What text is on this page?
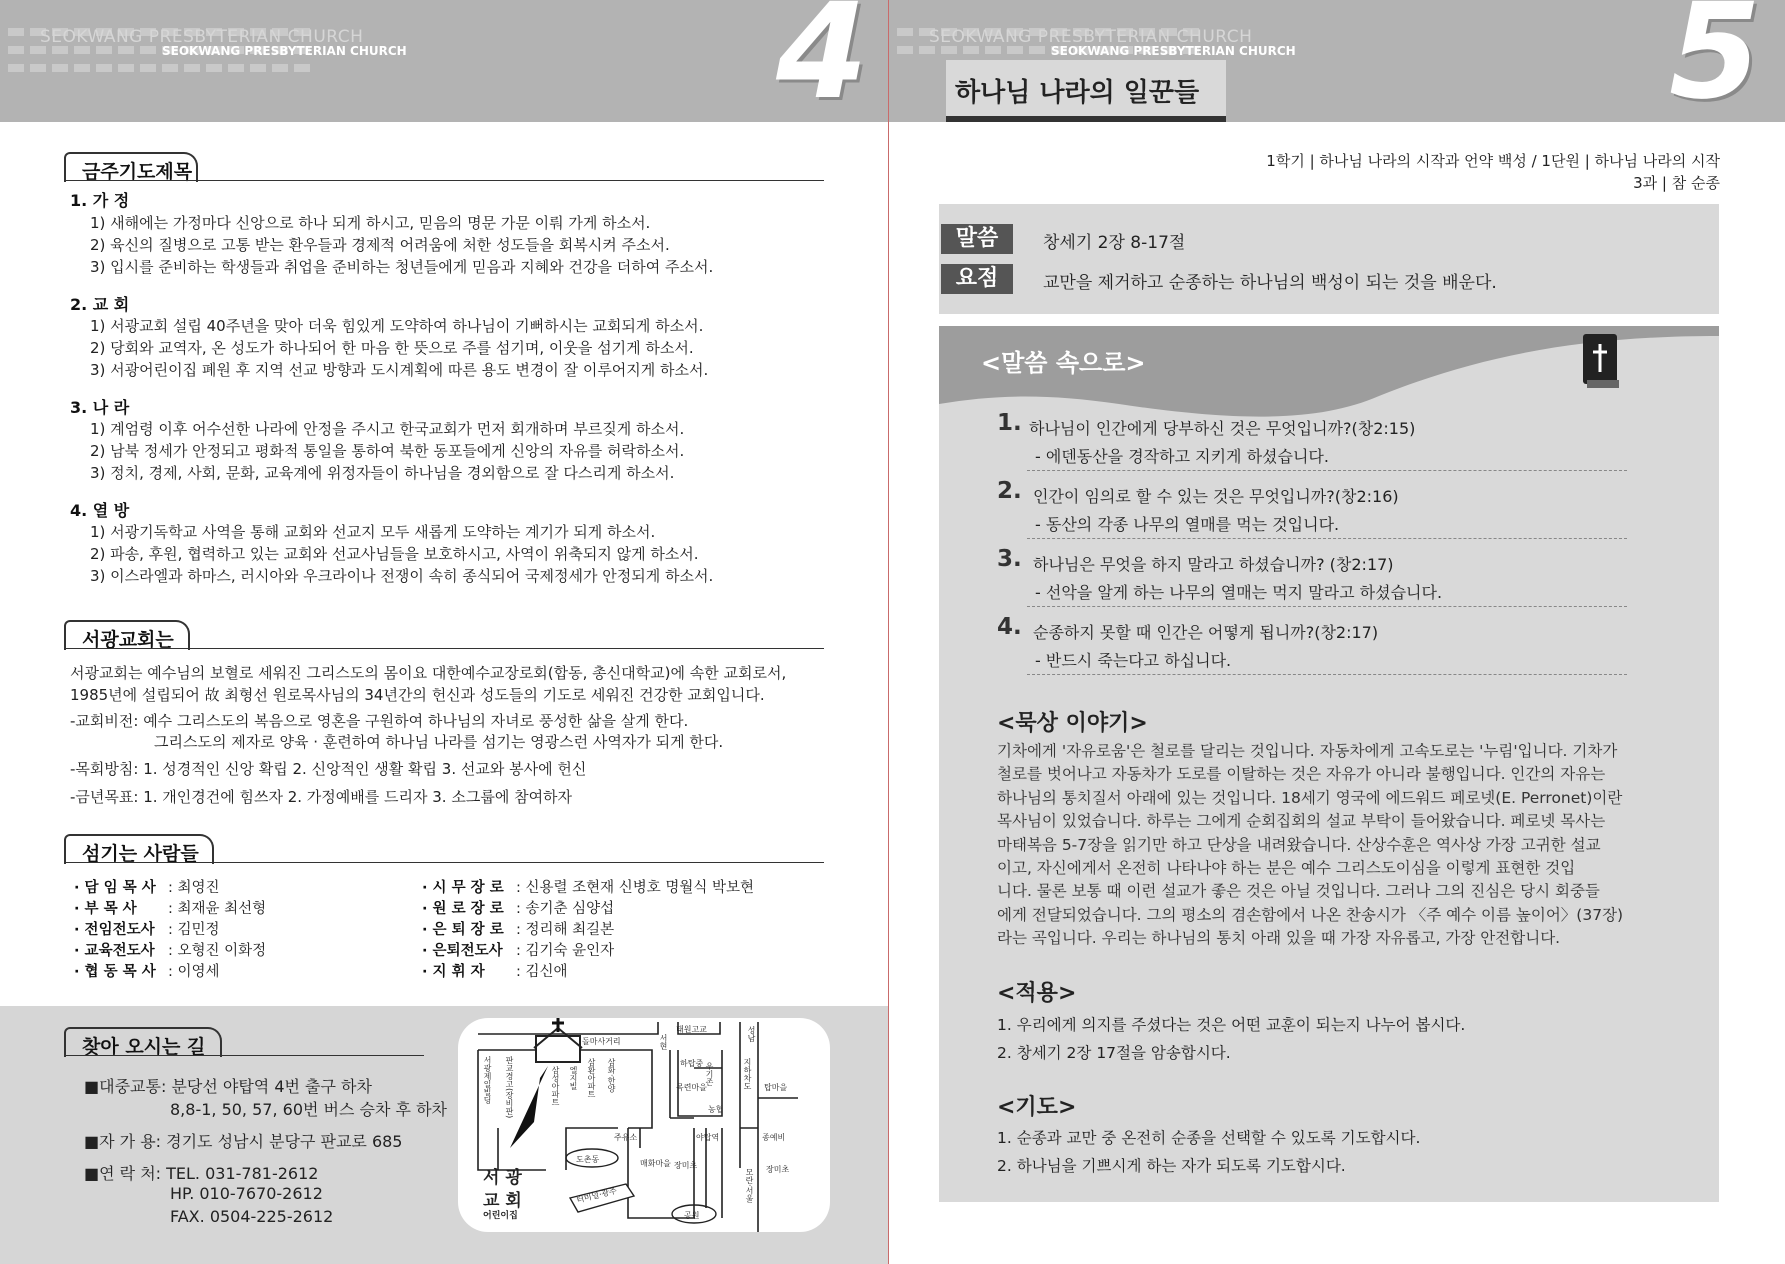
SEOKWANG PRESBYTERIAN CHURCH
SEOKWANG PRESBYTERIAN CHURCH	4
금주기도제목
1. 가 정
1) 새해에는 가정마다 신앙으로 하나 되게 하시고, 믿음의 명문 가문 이뤄 가게 하소서.
2) 육신의 질병으로 고통 받는 환우들과 경제적 어려움에 처한 성도들을 회복시켜 주소서.
3) 입시를 준비하는 학생들과 취업을 준비하는 청년들에게 믿음과 지혜와 건강을 더하여 주소서.
2. 교 회
1) 서광교회 설립 40주년을 맞아 더욱 힘있게 도약하여 하나님이 기뻐하시는 교회되게 하소서.
2) 당회와 교역자, 온 성도가 하나되어 한 마음 한 뜻으로 주를 섬기며, 이웃을 섬기게 하소서.
3) 서광어린이집 폐원 후 지역 선교 방향과 도시계획에 따른 용도 변경이 잘 이루어지게 하소서.
3. 나 라
1) 계엄령 이후 어수선한 나라에 안정을 주시고 한국교회가 먼저 회개하며 부르짖게 하소서.
2) 남북 정세가 안정되고 평화적 통일을 통하여 북한 동포들에게 신앙의 자유를 허락하소서.
3) 정치, 경제, 사회, 문화, 교육계에 위정자들이 하나님을 경외함으로 잘 다스리게 하소서.
4. 열 방
1) 서광기독학교 사역을 통해 교회와 선교지 모두 새롭게 도약하는 계기가 되게 하소서.
2) 파송, 후원, 협력하고 있는 교회와 선교사님들을 보호하시고, 사역이 위축되지 않게 하소서.
3) 이스라엘과 하마스, 러시아와 우크라이나 전쟁이 속히 종식되어 국제정세가 안정되게 하소서.
서광교회는
서광교회는 예수님의 보혈로 세워진 그리스도의 몸이요 대한예수교장로회(합동, 총신대학교)에 속한 교회로서,
1985년에 설립되어 故 최형선 원로목사님의 34년간의 헌신과 성도들의 기도로 세워진 건강한 교회입니다.
-교회비전: 예수 그리스도의 복음으로 영혼을 구원하여 하나님의 자녀로 풍성한 삶을 살게 한다.
그리스도의 제자로 양육 · 훈련하여 하나님 나라를 섬기는 영광스런 사역자가 되게 한다.
-목회방침: 1. 성경적인 신앙 확립 2. 신앙적인 생활 확립 3. 선교와 봉사에 헌신
-금년목표: 1. 개인경건에 힘쓰자 2. 가정예배를 드리자 3. 소그룹에 참여하자
섬기는 사람들
· 담 임 목 사 : 최영진
· 부 목 사 : 최재윤 최선형
· 전임전도사 : 김민정
· 교육전도사 : 오형진 이화정
· 협 동 목 사 : 이영세
· 시 무 장 로 : 신용렬 조현재 신병호 명월식 박보현
· 원 로 장 로 : 송기춘 심양섭
· 은 퇴 장 로 : 정리해 최길본
· 은퇴전도사 : 김기숙 윤인자
· 지 휘 자 : 김신애
찾아 오시는 길
■대중교통: 분당선 야탑역 4번 출구 하차
8,8-1, 50, 57, 60번 버스 승차 후 하차
■자 가 용: 경기도 성남시 분당구 판교로 685
■연 락 처: TEL. 031-781-2612
HP. 010-7670-2612
FAX. 0504-225-2612
서 광
교 회
어린이집
돌마사거리	서현
태원고교	성남
하탑중 우기존	지하차도 탑마을
목련마을
농협
주유소	야탑역	종예비
도촌동	매화마을 장미초
모란·서울 장미초
터미널·광주
공원
서광제일빌딩 판교경고(장비판)	삼성아파트 엘지빌 삼환아파트 삼화·한양
SEOKWANG PRESBYTERIAN CHURCH
SEOKWANG PRESBYTERIAN CHURCH	5
하나님 나라의 일꾼들
1학기 | 하나님 나라의 시작과 언약 백성 / 1단원 | 하나님 나라의 시작
3과 | 참 순종
말씀	창세기 2장 8-17절
요점	교만을 제거하고 순종하는 하나님의 백성이 되는 것을 배운다.
<말씀 속으로>
1. 하나님이 인간에게 당부하신 것은 무엇입니까?(창2:15)
- 에덴동산을 경작하고 지키게 하셨습니다.
2. 인간이 임의로 할 수 있는 것은 무엇입니까?(창2:16)
- 동산의 각종 나무의 열매를 먹는 것입니다.
3. 하나님은 무엇을 하지 말라고 하셨습니까? (창2:17)
- 선악을 알게 하는 나무의 열매는 먹지 말라고 하셨습니다.
4. 순종하지 못할 때 인간은 어떻게 됩니까?(창2:17)
- 반드시 죽는다고 하십니다.
<묵상 이야기>
기차에게 '자유로움'은 철로를 달리는 것입니다. 자동차에게 고속도로는 '누림'입니다. 기차가
철로를 벗어나고 자동차가 도로를 이탈하는 것은 자유가 아니라 불행입니다. 인간의 자유는
하나님의 통치질서 아래에 있는 것입니다. 18세기 영국에 에드워드 페로넷(E. Perronet)이란
목사님이 있었습니다. 하루는 그에게 순회집회의 설교 부탁이 들어왔습니다. 페로넷 목사는
마태복음 5-7장을 읽기만 하고 단상을 내려왔습니다. 산상수훈은 역사상 가장 고귀한 설교
이고, 자신에게서 온전히 나타나야 하는 분은 예수 그리스도이심을 이렇게 표현한 것입
니다. 물론 보통 때 이런 설교가 좋은 것은 아닐 것입니다. 그러나 그의 진심은 당시 회중들
에게 전달되었습니다. 그의 평소의 겸손함에서 나온 찬송시가 〈주 예수 이름 높이어〉(37장)
라는 곡입니다. 우리는 하나님의 통치 아래 있을 때 가장 자유롭고, 가장 안전합니다.
<적용>
1. 우리에게 의지를 주셨다는 것은 어떤 교훈이 되는지 나누어 봅시다.
2. 창세기 2장 17절을 암송합시다.
<기도>
1. 순종과 교만 중 온전히 순종을 선택할 수 있도록 기도합시다.
2. 하나님을 기쁘시게 하는 자가 되도록 기도합시다.
